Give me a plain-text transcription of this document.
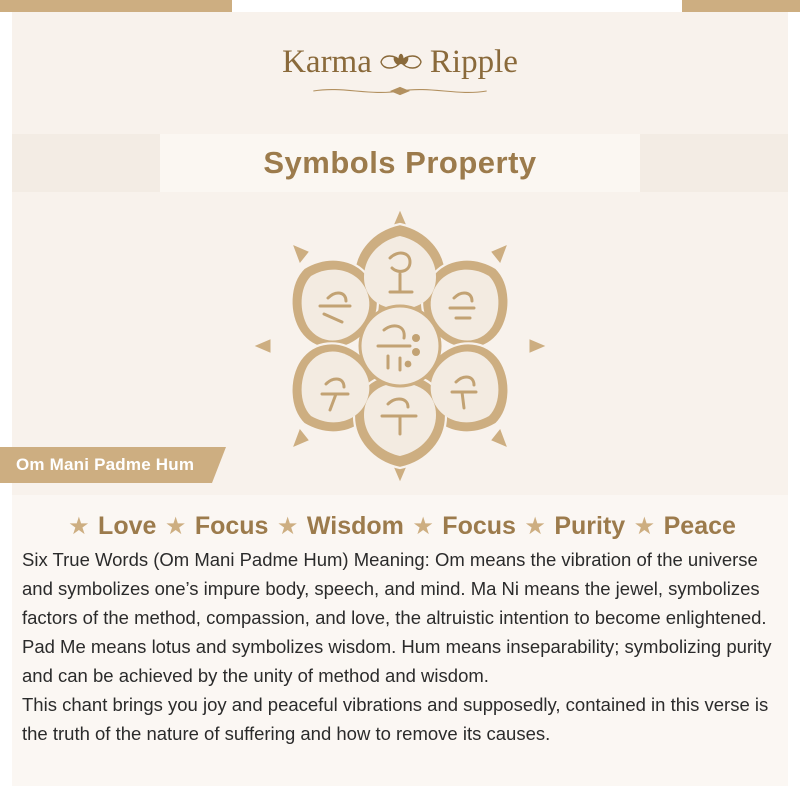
Karma Ripple
Symbols Property
Om Mani Padme Hum
★ Love ★ Focus ★ Wisdom ★ Focus ★ Purity ★ Peace

Six True Words (Om Mani Padme Hum) Meaning: Om means the vibration of the universe and symbolizes one’s impure body, speech, and mind. Ma Ni means the jewel, symbolizes factors of the method, compassion, and love, the altruistic intention to become enlightened. Pad Me means lotus and symbolizes wisdom. Hum means inseparability; symbolizing purity and can be achieved by the unity of method and wisdom.

This chant brings you joy and peaceful vibrations and supposedly, contained in this verse is the truth of the nature of suffering and how to remove its causes.
